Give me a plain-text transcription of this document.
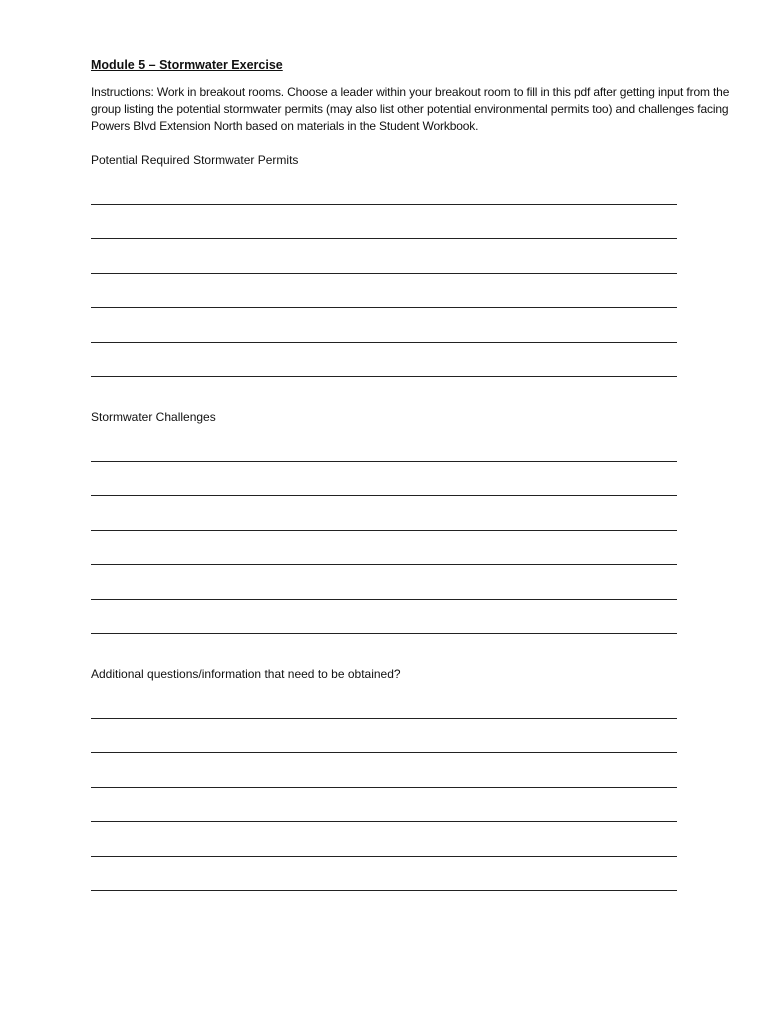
Module 5 – Stormwater Exercise
Instructions: Work in breakout rooms. Choose a leader within your breakout room to fill in this pdf after getting input from the group listing the potential stormwater permits (may also list other potential environmental permits too) and challenges facing Powers Blvd Extension North based on materials in the Student Workbook.
Potential Required Stormwater Permits
Stormwater Challenges
Additional questions/information that need to be obtained?
